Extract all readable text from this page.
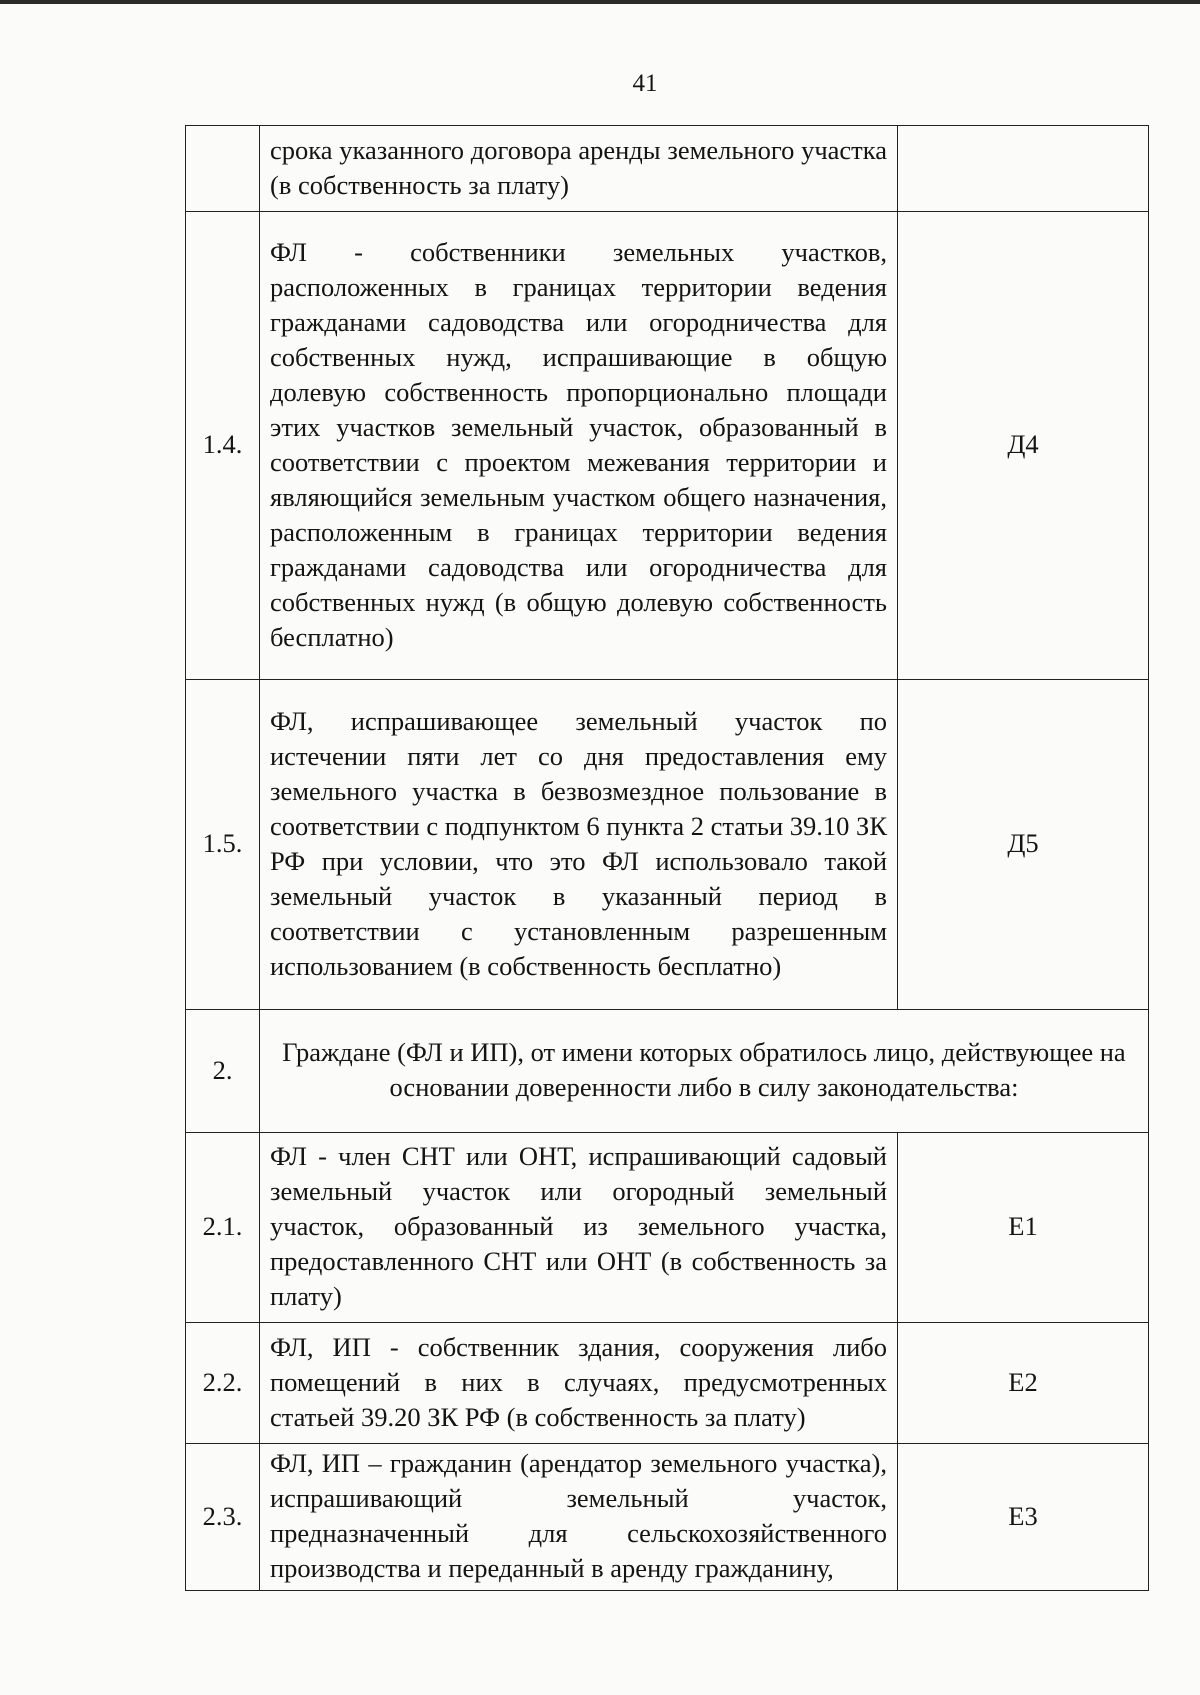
41
	срока указанного договора аренды земельного участка (в собственность за плату)	
1.4.	ФЛ - собственники земельных участков, расположенных в границах территории ведения гражданами садоводства или огородничества для собственных нужд, испрашивающие в общую долевую собственность пропорционально площади этих участков земельный участок, образованный в соответствии с проектом межевания территории и являющийся земельным участком общего назначения, расположенным в границах территории ведения гражданами садоводства или огородничества для собственных нужд (в общую долевую собственность бесплатно)	Д4
1.5.	ФЛ, испрашивающее земельный участок по истечении пяти лет со дня предоставления ему земельного участка в безвозмездное пользование в соответствии с подпунктом 6 пункта 2 статьи 39.10 ЗК РФ при условии, что это ФЛ использовало такой земельный участок в указанный период в соответствии с установленным разрешенным использованием (в собственность бесплатно)	Д5
2.	Граждане (ФЛ и ИП), от имени которых обратилось лицо, действующее на основании доверенности либо в силу законодательства:	
2.1.	ФЛ - член СНТ или ОНТ, испрашивающий садовый земельный участок или огородный земельный участок, образованный из земельного участка, предоставленного СНТ или ОНТ (в собственность за плату)	Е1
2.2.	ФЛ, ИП - собственник здания, сооружения либо помещений в них в случаях, предусмотренных статьей 39.20 ЗК РФ (в собственность за плату)	Е2
2.3.	ФЛ, ИП – гражданин (арендатор земельного участка), испрашивающий земельный участок, предназначенный для сельскохозяйственного производства и переданный в аренду гражданину,	Е3
